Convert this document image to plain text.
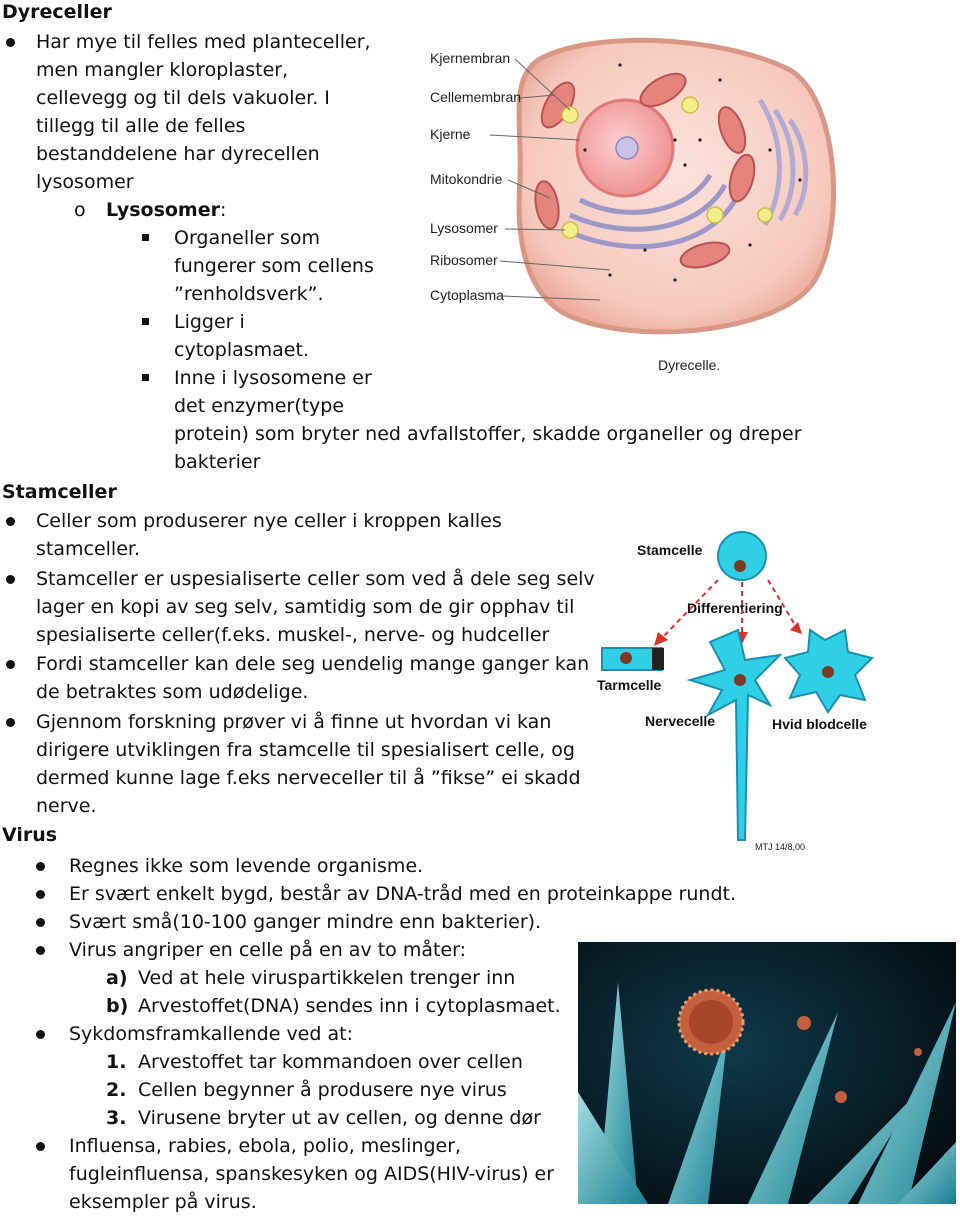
Dyreceller
Har mye til felles med planteceller,
men mangler kloroplaster,
cellevegg og til dels vakuoler. I
tillegg til alle de felles
bestanddelene har dyrecellen
lysosomer
o Lysosomer:
Organeller som
fungerer som cellens
”renholdsverk”.
Ligger i
cytoplasmaet.
Inne i lysosomene er
det enzymer(type
protein) som bryter ned avfallstoffer, skadde organeller og dreper
bakterier
Kjernembran
Cellemembran
Kjerne
Mitokondrie
Lysosomer
Ribosomer
Cytoplasma
Dyrecelle.
Stamceller
Celler som produserer nye celler i kroppen kalles
stamceller.
Stamceller er uspesialiserte celler som ved å dele seg selv
lager en kopi av seg selv, samtidig som de gir opphav til
spesialiserte celler(f.eks. muskel-, nerve- og hudceller
Fordi stamceller kan dele seg uendelig mange ganger kan
de betraktes som udødelige.
Gjennom forskning prøver vi å finne ut hvordan vi kan
dirigere utviklingen fra stamcelle til spesialisert celle, og
dermed kunne lage f.eks nerveceller til å ”fikse” ei skadd
nerve.
Stamcelle
Differentiering
Tarmcelle
Nervecelle	Hvid blodcelle
MTJ 14/8,00
Virus
Regnes ikke som levende organisme.
Er svært enkelt bygd, består av DNA-tråd med en proteinkappe rundt.
Svært små(10-100 ganger mindre enn bakterier).
Virus angriper en celle på en av to måter:
a) Ved at hele viruspartikkelen trenger inn
b) Arvestoffet(DNA) sendes inn i cytoplasmaet.
Sykdomsframkallende ved at:
1. Arvestoffet tar kommandoen over cellen
2. Cellen begynner å produsere nye virus
3. Virusene bryter ut av cellen, og denne dør
Influensa, rabies, ebola, polio, meslinger,
fugleinfluensa, spanskesyken og AIDS(HIV-virus) er
eksempler på virus.
